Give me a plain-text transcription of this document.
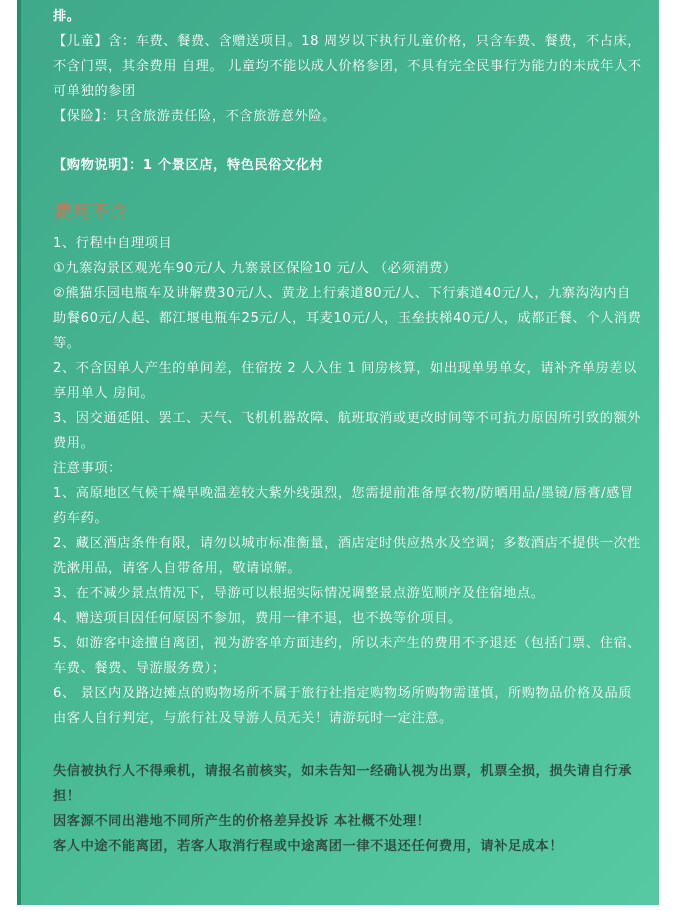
排。

【儿童】含：车费、餐费、含赠送项目。18 周岁以下执行儿童价格，只含车费、餐费，不占床，不含门票，其余费用 自理。 儿童均不能以成人价格参团，不具有完全民事行为能力的未成年人不可单独的参团

【保险】：只含旅游责任险，不含旅游意外险。

【购物说明】：1 个景区店，特色民俗文化村

费用不含

1、行程中自理项目

①九寨沟景区观光车90元/人 九寨景区保险10 元/人 （必须消费）

②熊猫乐园电瓶车及讲解费30元/人、黄龙上行索道80元/人、下行索道40元/人，九寨沟沟内自助餐60元/人起、都江堰电瓶车25元/人，耳麦10元/人，玉垒扶梯40元/人，成都正餐、个人消费等。

2、不含因单人产生的单间差，住宿按 2 人入住 1 间房核算，如出现单男单女，请补齐单房差以享用单人 房间。

3、因交通延阻、罢工、天气、飞机机器故障、航班取消或更改时间等不可抗力原因所引致的额外费用。

注意事项：

1、高原地区气候干燥早晚温差较大紫外线强烈，您需提前准备厚衣物/防晒用品/墨镜/唇膏/感冒药车药。

2、藏区酒店条件有限，请勿以城市标准衡量，酒店定时供应热水及空调；多数酒店不提供一次性洗漱用品，请客人自带备用，敬请谅解。

3、在不减少景点情况下，导游可以根据实际情况调整景点游览顺序及住宿地点。

4、赠送项目因任何原因不参加，费用一律不退，也不换等价项目。

5、如游客中途擅自离团，视为游客单方面违约，所以未产生的费用不予退还（包括门票、住宿、 车费、餐费、导游服务费）；

6、 景区内及路边摊点的购物场所不属于旅行社指定购物场所购物需谨慎，所购物品价格及品质由客人自行判定，与旅行社及导游人员无关！请游玩时一定注意。

失信被执行人不得乘机，请报名前核实，如未告知一经确认视为出票，机票全损，损失请自行承担！

因客源不同出港地不同所产生的价格差异投诉 本社概不处理！

客人中途不能离团，若客人取消行程或中途离团一律不退还任何费用，请补足成本！
